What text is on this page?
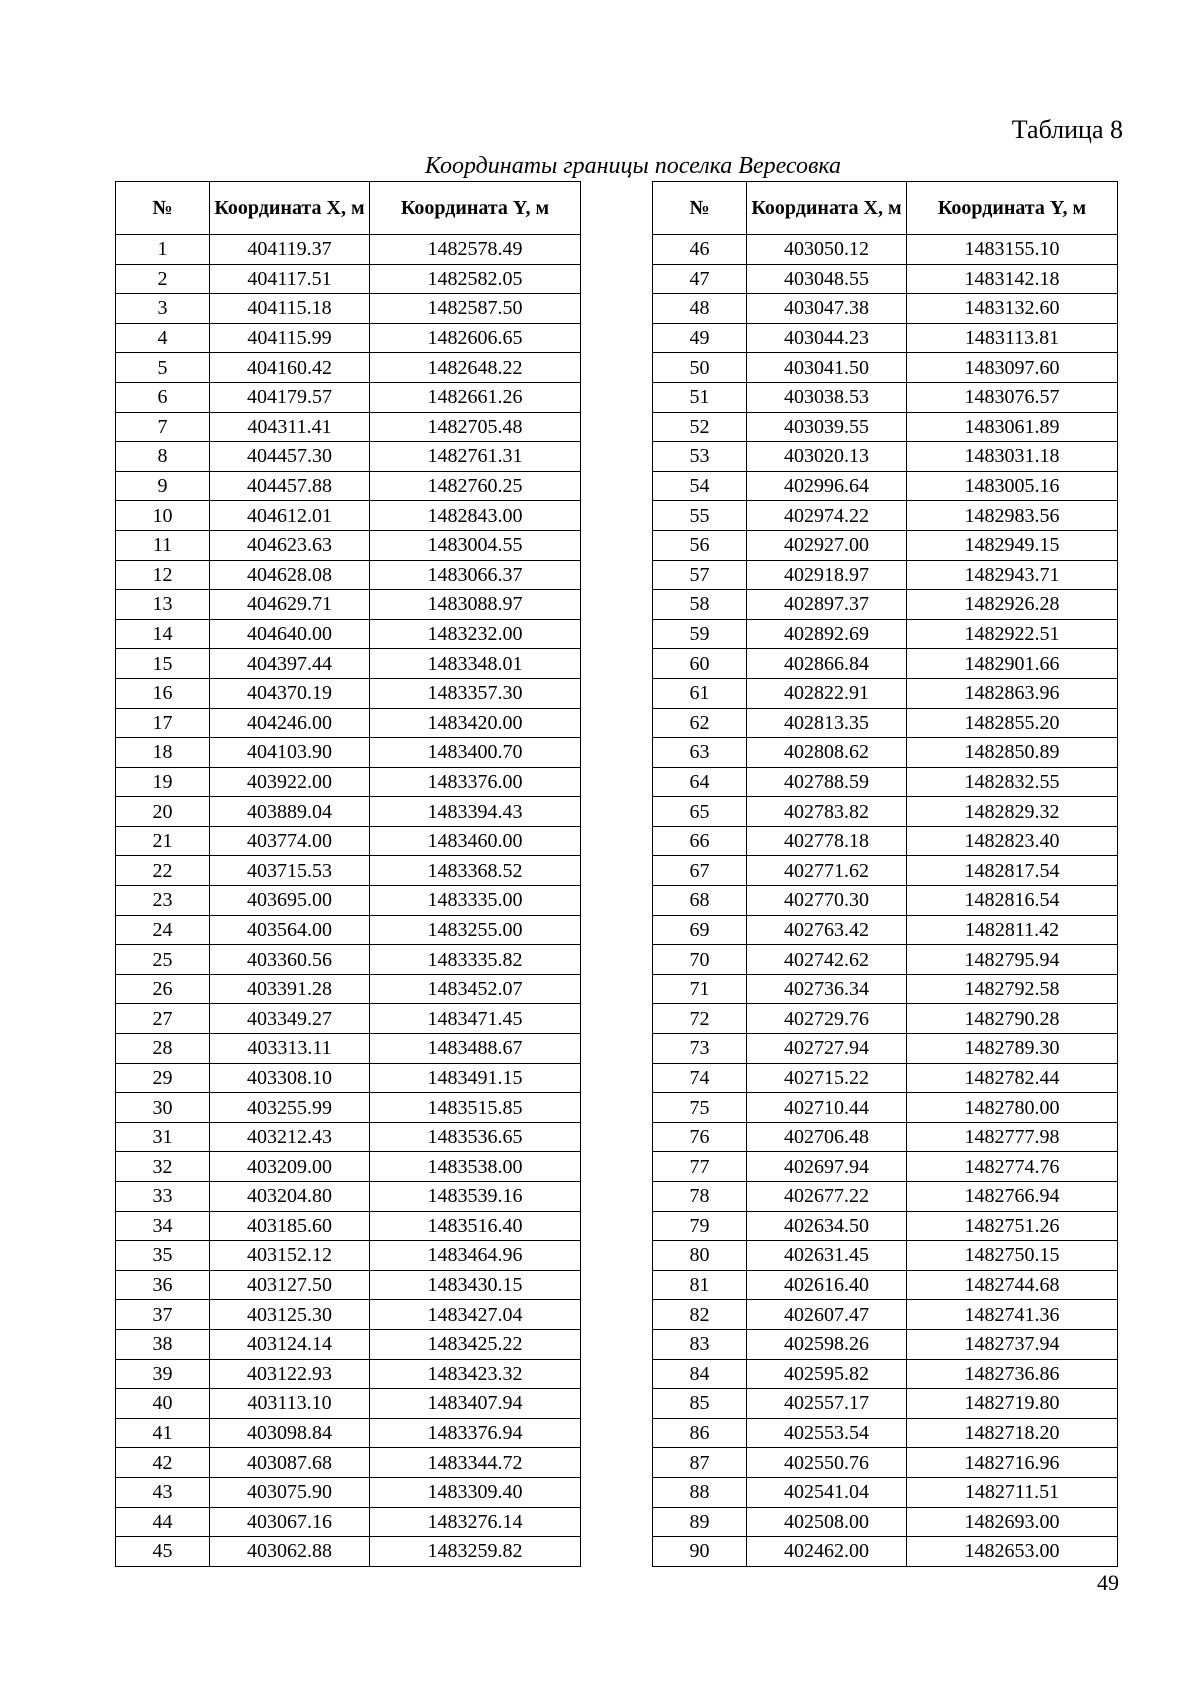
Таблица 8
Координаты границы поселка Вересовка
№	Координата X, м	Координата Y, м
1	404119.37	1482578.49
2	404117.51	1482582.05
3	404115.18	1482587.50
4	404115.99	1482606.65
5	404160.42	1482648.22
6	404179.57	1482661.26
7	404311.41	1482705.48
8	404457.30	1482761.31
9	404457.88	1482760.25
10	404612.01	1482843.00
11	404623.63	1483004.55
12	404628.08	1483066.37
13	404629.71	1483088.97
14	404640.00	1483232.00
15	404397.44	1483348.01
16	404370.19	1483357.30
17	404246.00	1483420.00
18	404103.90	1483400.70
19	403922.00	1483376.00
20	403889.04	1483394.43
21	403774.00	1483460.00
22	403715.53	1483368.52
23	403695.00	1483335.00
24	403564.00	1483255.00
25	403360.56	1483335.82
26	403391.28	1483452.07
27	403349.27	1483471.45
28	403313.11	1483488.67
29	403308.10	1483491.15
30	403255.99	1483515.85
31	403212.43	1483536.65
32	403209.00	1483538.00
33	403204.80	1483539.16
34	403185.60	1483516.40
35	403152.12	1483464.96
36	403127.50	1483430.15
37	403125.30	1483427.04
38	403124.14	1483425.22
39	403122.93	1483423.32
40	403113.10	1483407.94
41	403098.84	1483376.94
42	403087.68	1483344.72
43	403075.90	1483309.40
44	403067.16	1483276.14
45	403062.88	1483259.82
№	Координата X, м	Координата Y, м
46	403050.12	1483155.10
47	403048.55	1483142.18
48	403047.38	1483132.60
49	403044.23	1483113.81
50	403041.50	1483097.60
51	403038.53	1483076.57
52	403039.55	1483061.89
53	403020.13	1483031.18
54	402996.64	1483005.16
55	402974.22	1482983.56
56	402927.00	1482949.15
57	402918.97	1482943.71
58	402897.37	1482926.28
59	402892.69	1482922.51
60	402866.84	1482901.66
61	402822.91	1482863.96
62	402813.35	1482855.20
63	402808.62	1482850.89
64	402788.59	1482832.55
65	402783.82	1482829.32
66	402778.18	1482823.40
67	402771.62	1482817.54
68	402770.30	1482816.54
69	402763.42	1482811.42
70	402742.62	1482795.94
71	402736.34	1482792.58
72	402729.76	1482790.28
73	402727.94	1482789.30
74	402715.22	1482782.44
75	402710.44	1482780.00
76	402706.48	1482777.98
77	402697.94	1482774.76
78	402677.22	1482766.94
79	402634.50	1482751.26
80	402631.45	1482750.15
81	402616.40	1482744.68
82	402607.47	1482741.36
83	402598.26	1482737.94
84	402595.82	1482736.86
85	402557.17	1482719.80
86	402553.54	1482718.20
87	402550.76	1482716.96
88	402541.04	1482711.51
89	402508.00	1482693.00
90	402462.00	1482653.00
49
